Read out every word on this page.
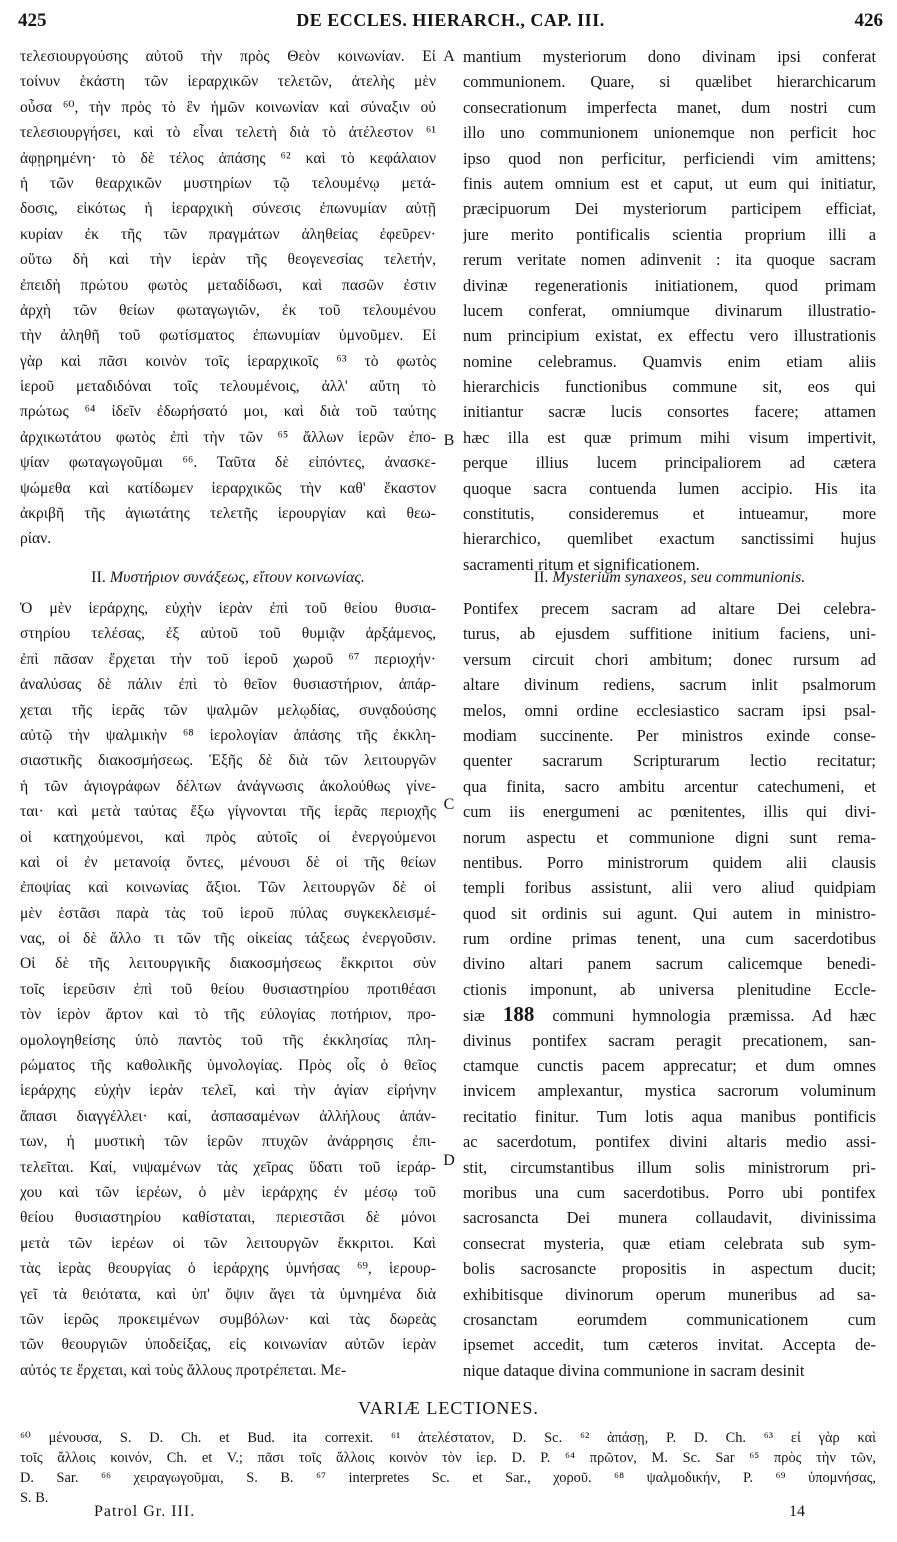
425	DE ECCLES. HIERARCH., CAP. III.	426
τελεσιουργούσης αὐτοῦ τὴν πρὸς Θεὸν κοινωνίαν. Εἰ
τοίνυν ἑκάστη τῶν ἱεραρχικῶν τελετῶν, ἀτελὴς μὲν
οὖσα ⁶⁰, τὴν πρὸς τὸ ἓν ἡμῶν κοινωνίαν καὶ σύναξιν οὐ
τελεσιουργήσει, καὶ τὸ εἶναι τελετὴ διὰ τὸ ἀτέλεστον ⁶¹
ἀφῃρημένη· τὸ δὲ τέλος ἁπάσης ⁶² καὶ τὸ κεφάλαιον
ἡ τῶν θεαρχικῶν μυστηρίων τῷ τελουμένῳ μετά-
δοσις, εἰκότως ἡ ἱεραρχικὴ σύνεσις ἐπωνυμίαν αὐτῇ
κυρίαν ἐκ τῆς τῶν πραγμάτων ἀληθείας ἐφεῦρεν·
οὕτω δὴ καὶ τὴν ἱερὰν τῆς θεογενεσίας τελετήν,
ἐπειδὴ πρώτου φωτὸς μεταδίδωσι, καὶ πασῶν ἐστιν
ἀρχὴ τῶν θείων φωταγωγιῶν, ἐκ τοῦ τελουμένου
τὴν ἀληθῆ τοῦ φωτίσματος ἐπωνυμίαν ὑμνοῦμεν. Εἰ
γὰρ καὶ πᾶσι κοινὸν τοῖς ἱεραρχικοῖς ⁶³ τὸ φωτὸς
ἱεροῦ μεταδιδόναι τοῖς τελουμένοις, ἀλλ' αὕτη τὸ
πρώτως ⁶⁴ ἰδεῖν ἐδωρήσατό μοι, καὶ διὰ τοῦ ταύτης
ἀρχικωτάτου φωτὸς ἐπὶ τὴν τῶν ⁶⁵ ἄλλων ἱερῶν ἐπο-
ψίαν φωταγωγοῦμαι ⁶⁶. Ταῦτα δὲ εἰπόντες, ἀνασκε-
ψώμεθα καὶ κατίδωμεν ἱεραρχικῶς τὴν καθ' ἕκαστον
ἀκριβῆ τῆς ἁγιωτάτης τελετῆς ἱερουργίαν καὶ θεω-
ρίαν.
mantium mysteriorum dono divinam ipsi conferat
communionem. Quare, si quælibet hierarchicarum
consecrationum imperfecta manet, dum nostri cum
illo uno communionem unionemque non perficit hoc
ipso quod non perficitur, perficiendi vim amittens;
finis autem omnium est et caput, ut eum qui initiatur,
præcipuorum Dei mysteriorum participem efficiat,
jure merito pontificalis scientia proprium illi a
rerum veritate nomen adinvenit : ita quoque sacram
divinæ regenerationis initiationem, quod primam
lucem conferat, omniumque divinarum illustratio-
num principium existat, ex effectu vero illustrationis
nomine celebramus. Quamvis enim etiam aliis
hierarchicis functionibus commune sit, eos qui
initiantur sacræ lucis consortes facere; attamen
hæc illa est quæ primum mihi visum impertivit,
perque illius lucem principaliorem ad cætera
quoque sacra contuenda lumen accipio. His ita
constitutis, consideremus et intueamur, more
hierarchico, quemlibet exactum sanctissimi hujus
sacramenti ritum et significationem.
II. Μυστήριον συνάξεως, εἴτουν κοινωνίας.	II. Mysterium synaxeos, seu communionis.
Ὁ μὲν ἱεράρχης, εὐχὴν ἱερὰν ἐπὶ τοῦ θείου θυσια-
στηρίου τελέσας, ἐξ αὐτοῦ τοῦ θυμιᾷν ἀρξάμενος,
ἐπὶ πᾶσαν ἔρχεται τὴν τοῦ ἱεροῦ χωροῦ ⁶⁷ περιοχήν·
ἀναλύσας δὲ πάλιν ἐπὶ τὸ θεῖον θυσιαστήριον, ἀπάρ-
χεται τῆς ἱερᾶς τῶν ψαλμῶν μελῳδίας, συνᾳδούσης
αὐτῷ τὴν ψαλμικὴν ⁶⁸ ἱερολογίαν ἁπάσης τῆς ἐκκλη-
σιαστικῆς διακοσμήσεως. Ἑξῆς δὲ διὰ τῶν λειτουργῶν
ἡ τῶν ἁγιογράφων δέλτων ἀνάγνωσις ἀκολούθως γίνε-
ται· καὶ μετὰ ταύτας ἔξω γίγνονται τῆς ἱερᾶς περιοχῆς
οἱ κατηχούμενοι, καὶ πρὸς αὐτοῖς οἱ ἐνεργούμενοι
καὶ οἱ ἐν μετανοίᾳ ὄντες, μένουσι δὲ οἱ τῆς θείων
ἐποψίας καὶ κοινωνίας ἄξιοι. Τῶν λειτουργῶν δὲ οἱ
μὲν ἑστᾶσι παρὰ τὰς τοῦ ἱεροῦ πύλας συγκεκλεισμέ-
νας, οἱ δὲ ἄλλο τι τῶν τῆς οἰκείας τάξεως ἐνεργοῦσιν.
Οἱ δὲ τῆς λειτουργικῆς διακοσμήσεως ἔκκριτοι σὺν
τοῖς ἱερεῦσιν ἐπὶ τοῦ θείου θυσιαστηρίου προτιθέασι
τὸν ἱερὸν ἄρτον καὶ τὸ τῆς εὐλογίας ποτήριον, προ-
ομολογηθείσης ὑπὸ παντὸς τοῦ τῆς ἐκκλησίας πλη-
ρώματος τῆς καθολικῆς ὑμνολογίας. Πρὸς οἷς ὁ θεῖος
ἱεράρχης εὐχὴν ἱερὰν τελεῖ, καὶ τὴν ἁγίαν εἰρήνην
ἅπασι διαγγέλλει· καί, ἀσπασαμένων ἀλλήλους ἁπάν-
των, ἡ μυστικὴ τῶν ἱερῶν πτυχῶν ἀνάρρησις ἐπι-
τελεῖται. Καί, νιψαμένων τὰς χεῖρας ὕδατι τοῦ ἱεράρ-
χου καὶ τῶν ἱερέων, ὁ μὲν ἱεράρχης ἐν μέσῳ τοῦ
θείου θυσιαστηρίου καθίσταται, περιεστᾶσι δὲ μόνοι
μετὰ τῶν ἱερέων οἱ τῶν λειτουργῶν ἔκκριτοι. Καὶ
τὰς ἱερὰς θεουργίας ὁ ἱεράρχης ὑμνήσας ⁶⁹, ἱερουρ-
γεῖ τὰ θειότατα, καὶ ὑπ' ὄψιν ἄγει τὰ ὑμνημένα διὰ
τῶν ἱερῶς προκειμένων συμβόλων· καὶ τὰς δωρεὰς
τῶν θεουργιῶν ὑποδείξας, εἰς κοινωνίαν αὐτῶν ἱερὰν
αὐτός τε ἔρχεται, καὶ τοὺς ἄλλους προτρέπεται. Με-
Pontifex precem sacram ad altare Dei celebra-
turus, ab ejusdem suffitione initium faciens, uni-
versum circuit chori ambitum; donec rursum ad
altare divinum rediens, sacrum inlit psalmorum
melos, omni ordine ecclesiastico sacram ipsi psal-
modiam succinente. Per ministros exinde conse-
quenter sacrarum Scripturarum lectio recitatur;
qua finita, sacro ambitu arcentur catechumeni, et
cum iis energumeni ac pœnitentes, illis qui divi-
norum aspectu et communione digni sunt rema-
nentibus. Porro ministrorum quidem alii clausis
templi foribus assistunt, alii vero aliud quidpiam
quod sit ordinis sui agunt. Qui autem in ministro-
rum ordine primas tenent, una cum sacerdotibus
divino altari panem sacrum calicemque benedi-
ctionis imponunt, ab universa plenitudine Eccle-
siæ 188 communi hymnologia præmissa. Ad hæc
divinus pontifex sacram peragit precationem, san-
ctamque cunctis pacem apprecatur; et dum omnes
invicem amplexantur, mystica sacrorum voluminum
recitatio finitur. Tum lotis aqua manibus pontificis
ac sacerdotum, pontifex divini altaris medio assi-
stit, circumstantibus illum solis ministrorum pri-
moribus una cum sacerdotibus. Porro ubi pontifex
sacrosancta Dei munera collaudavit, divinissima
consecrat mysteria, quæ etiam celebrata sub sym-
bolis sacrosancte propositis in aspectum ducit;
exhibitisque divinorum operum muneribus ad sa-
crosanctam eorumdem communicationem cum
ipsemet accedit, tum cæteros invitat. Accepta de-
nique dataque divina communione in sacram desinit
A
B
C
D
VARIÆ LECTIONES.
⁶⁰ μένουσα, S. D. Ch. et Bud. ita correxit. ⁶¹ ἀτελέστατον, D. Sc. ⁶² ἁπάσῃ, P. D. Ch. ⁶³ εἰ γὰρ καὶ
τοῖς ἄλλοις κοινόν, Ch. et V.; πᾶσι τοῖς ἄλλοις κοινὸν τὸν ἱερ. D. P. ⁶⁴ πρῶτον, M. Sc. Sar ⁶⁵ πρὸς τὴν τῶν,
D. Sar. ⁶⁶ χειραγωγοῦμαι, S. B. ⁶⁷ interpretes Sc. et Sar., χοροῦ. ⁶⁸ ψαλμοδικήν, P. ⁶⁹ ὑπομνήσας,
S. B.
Patrol Gr. III.	14
